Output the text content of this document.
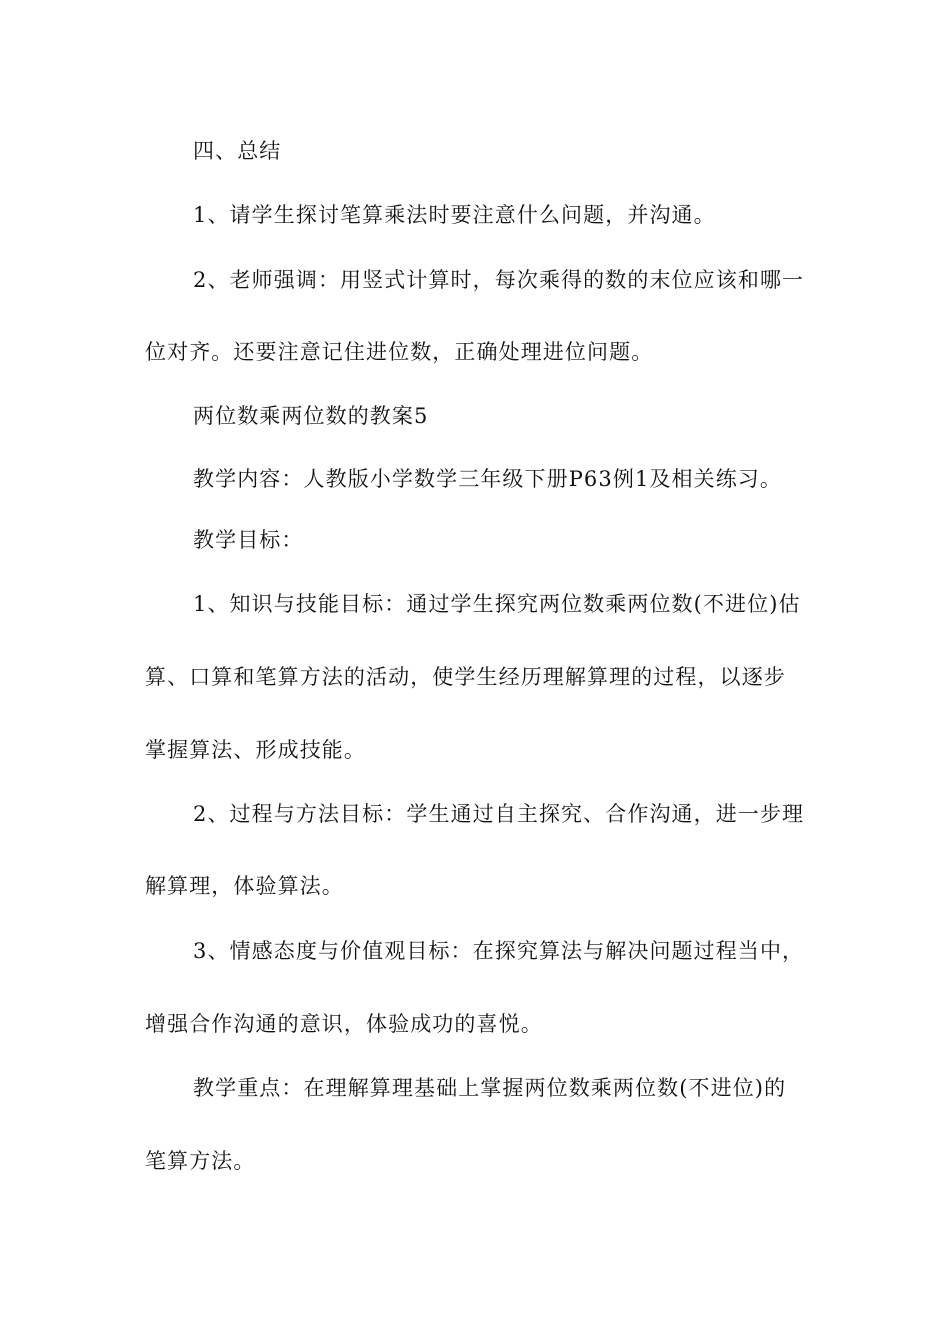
四、总结
1、请学生探讨笔算乘法时要注意什么问题，并沟通。
2、老师强调：用竖式计算时，每次乘得的数的末位应该和哪一
位对齐。还要注意记住进位数，正确处理进位问题。
两位数乘两位数的教案5
教学内容：人教版小学数学三年级下册P63例1及相关练习。
教学目标：
1、知识与技能目标：通过学生探究两位数乘两位数(不进位)估
算、口算和笔算方法的活动，使学生经历理解算理的过程，以逐步
掌握算法、形成技能。
2、过程与方法目标：学生通过自主探究、合作沟通，进一步理
解算理，体验算法。
3、情感态度与价值观目标：在探究算法与解决问题过程当中，
增强合作沟通的意识，体验成功的喜悦。
教学重点：在理解算理基础上掌握两位数乘两位数(不进位)的
笔算方法。
